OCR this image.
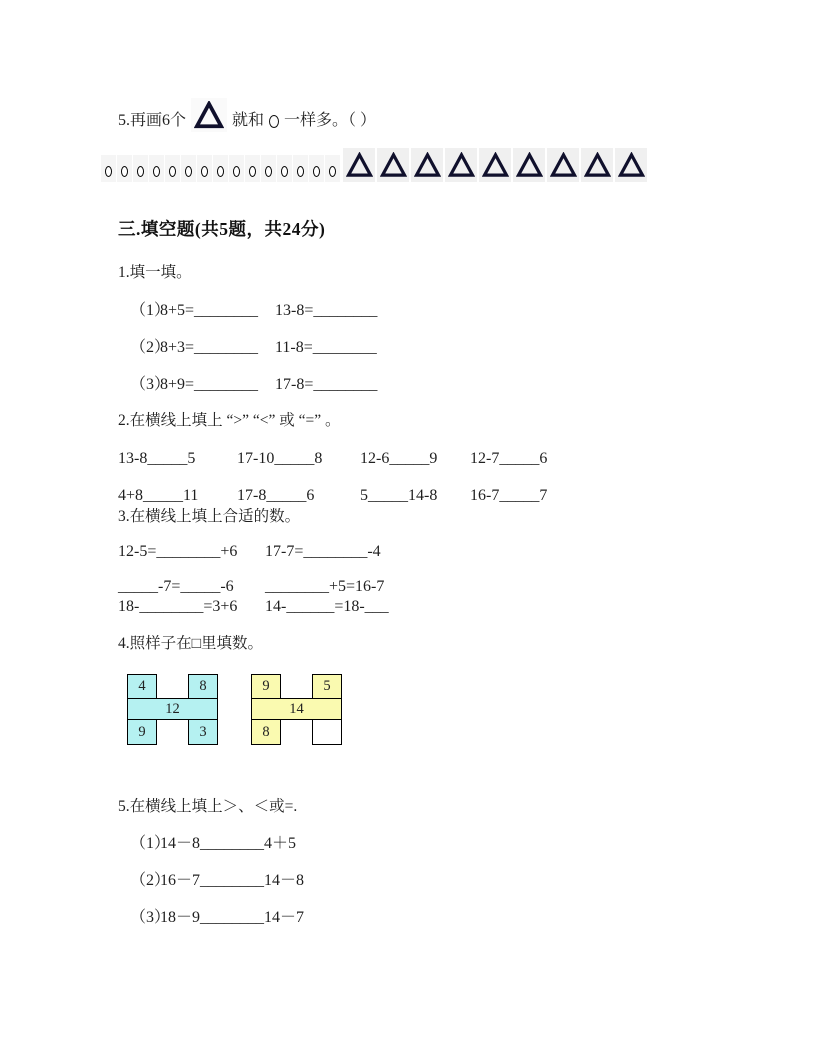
5.再画6个	就和 一样多。（ ）
三.填空题(共5题，共24分)
1.填一填。
（1）
8+5=________	13-8=________
（2）
8+3=________	11-8=________
（3）
8+9=________	17-8=________
2.在横线上填上 “>” “<” 或 “=” 。
13-8_____5	17-10_____8	12-6_____9	12-7_____6
4+8_____11	17-8_____6	5_____14-8	16-7_____7
3.在横线上填上合适的数。
12-5=________+6	17-7=________-4
_____-7=_____-6	________+5=16-7
18-________=3+6	14-______=18-___
4.照样子在□里填数。
4	8
12
9	3
9	5
14
8
5.在横线上填上＞、＜或=.
（1）
14－8________4＋5
（2）
16－7________14－8
（3）
18－9________14－7
